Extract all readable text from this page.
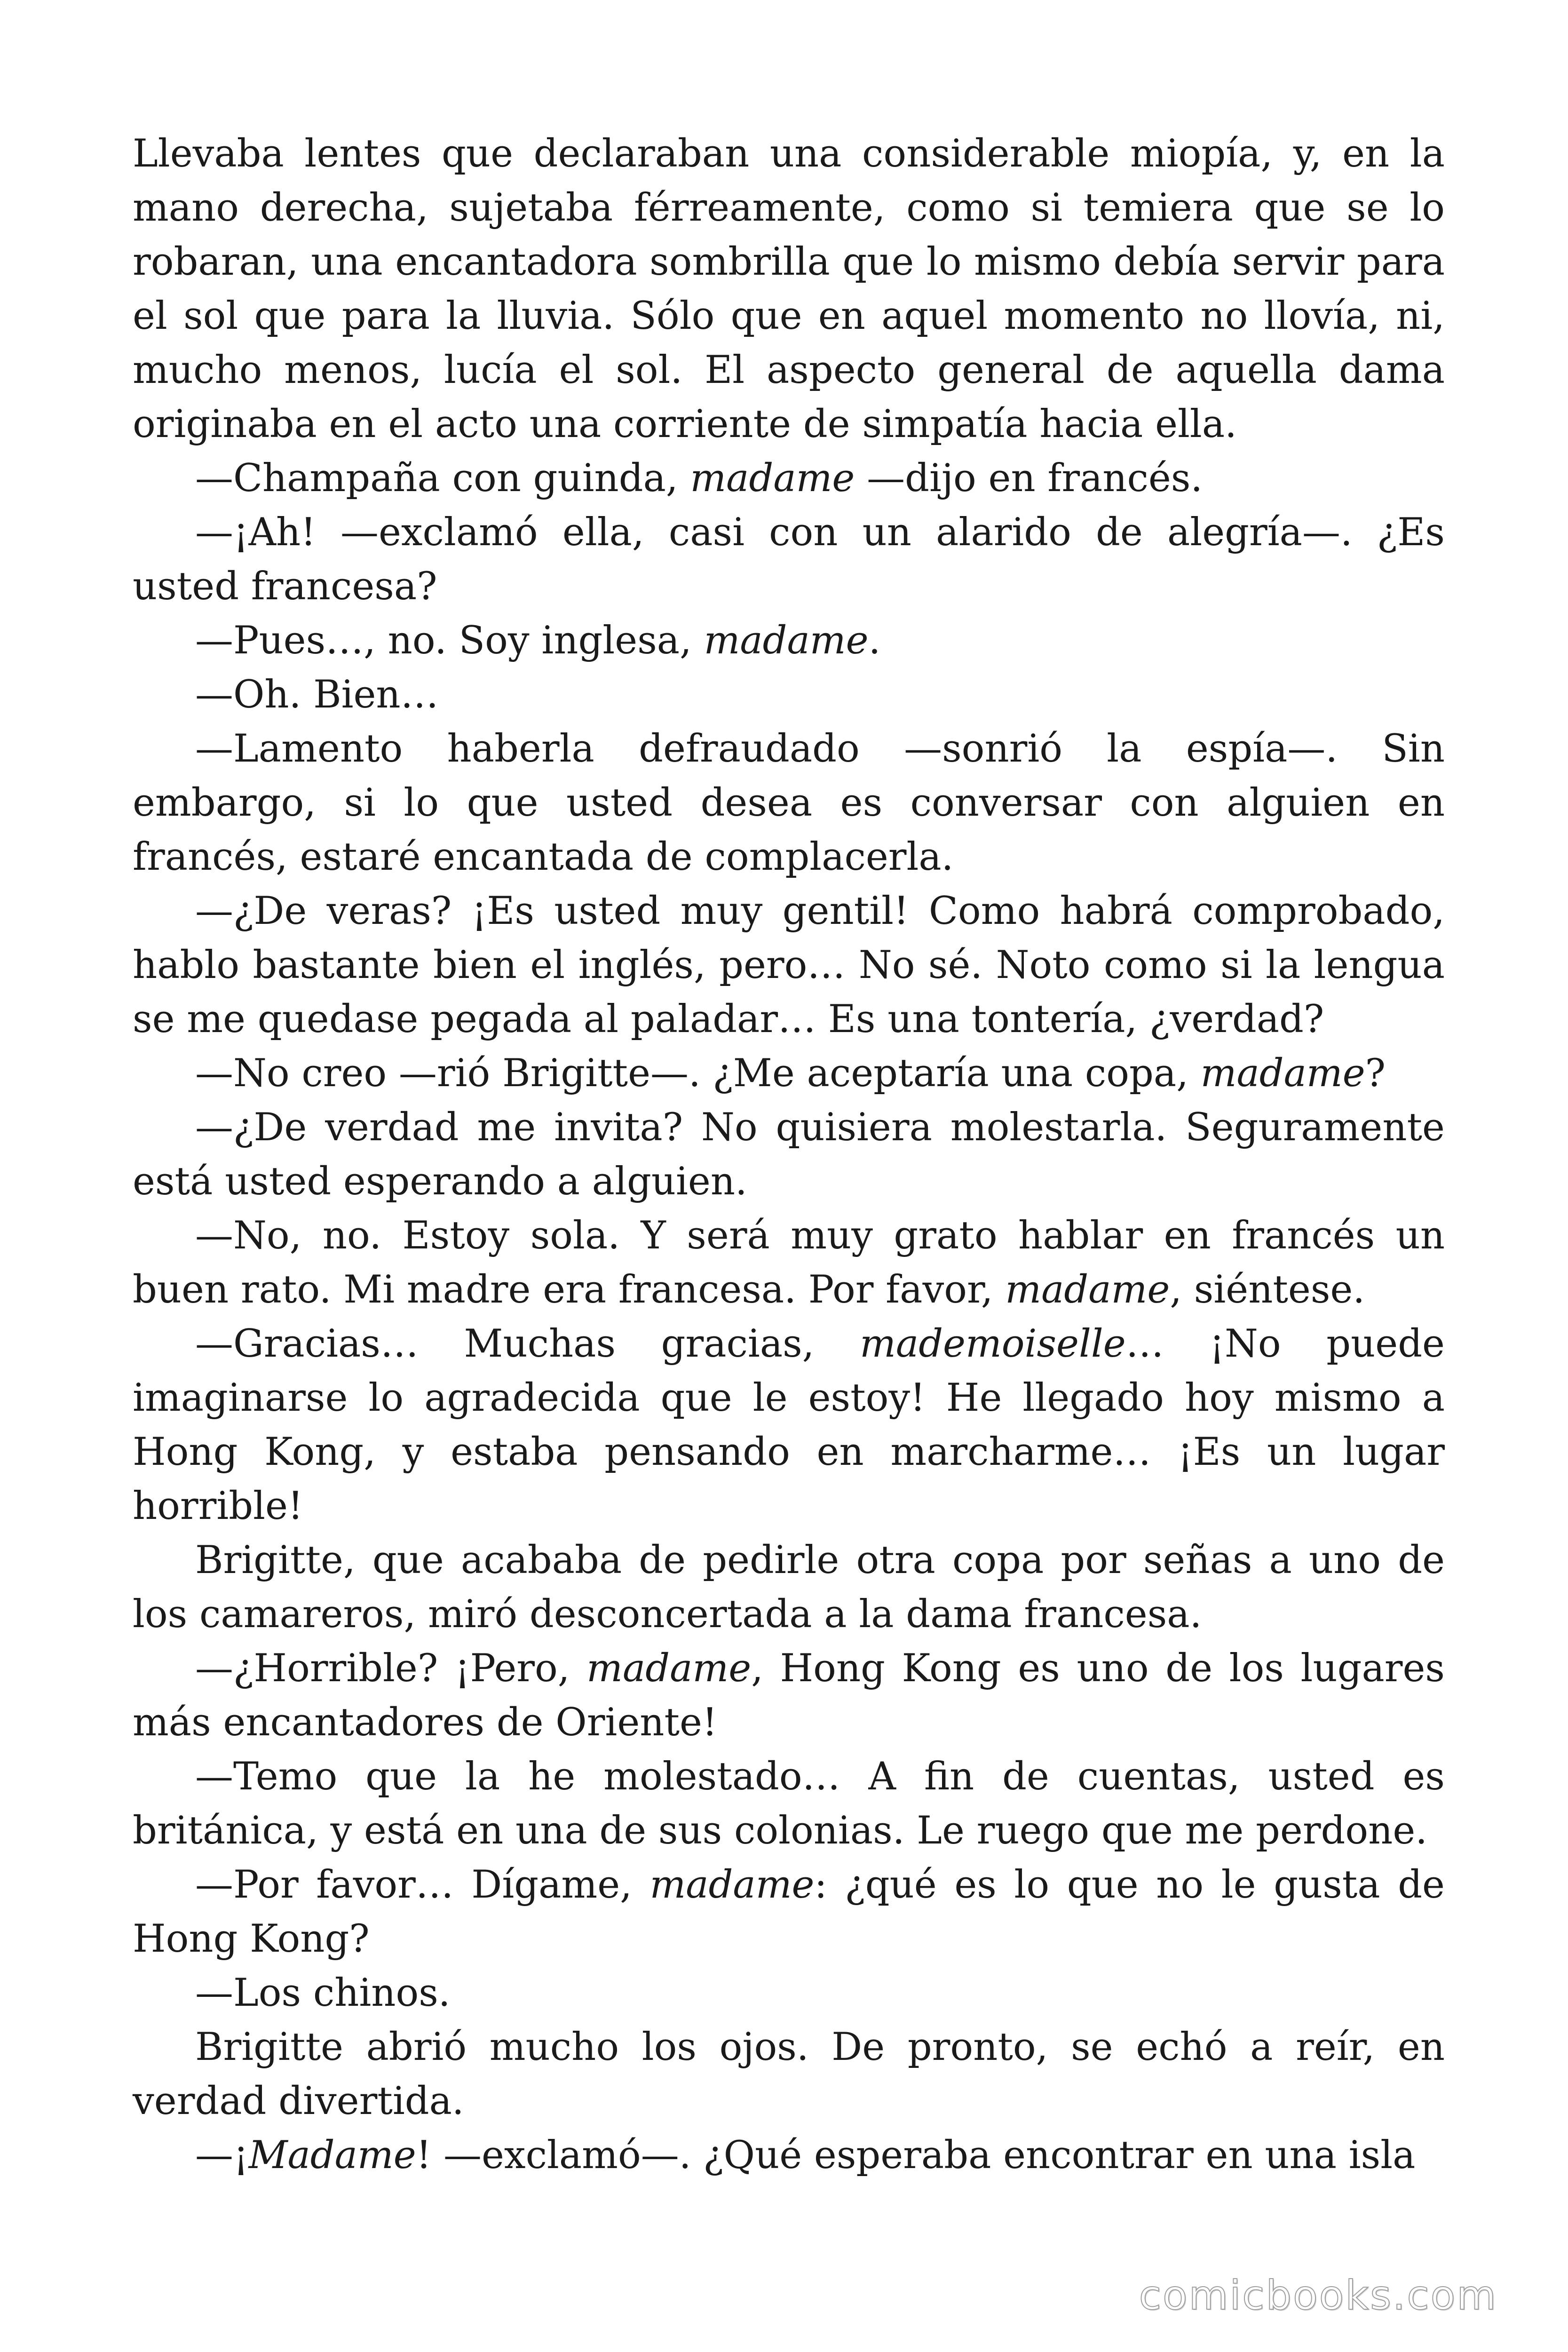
Llevaba lentes que declaraban una considerable miopía, y, en la mano derecha, sujetaba férreamente, como si temiera que se lo robaran, una encantadora sombrilla que lo mismo debía servir para el sol que para la lluvia. Sólo que en aquel momento no llovía, ni, mucho menos, lucía el sol. El aspecto general de aquella dama originaba en el acto una corriente de simpatía hacia ella.

—Champaña con guinda, madame —dijo en francés.

—¡Ah! —exclamó ella, casi con un alarido de alegría—. ¿Es usted francesa?

—Pues…, no. Soy inglesa, madame.

—Oh. Bien…

—Lamento haberla defraudado —sonrió la espía—. Sin embargo, si lo que usted desea es conversar con alguien en francés, estaré encantada de complacerla.

—¿De veras? ¡Es usted muy gentil! Como habrá comprobado, hablo bastante bien el inglés, pero… No sé. Noto como si la lengua se me quedase pegada al paladar… Es una tontería, ¿verdad?

—No creo —rió Brigitte—. ¿Me aceptaría una copa, madame?

—¿De verdad me invita? No quisiera molestarla. Seguramente está usted esperando a alguien.

—No, no. Estoy sola. Y será muy grato hablar en francés un buen rato. Mi madre era francesa. Por favor, madame, siéntese.

—Gracias… Muchas gracias, mademoiselle… ¡No puede imaginarse lo agradecida que le estoy! He llegado hoy mismo a Hong Kong, y estaba pensando en marcharme… ¡Es un lugar horrible!

Brigitte, que acababa de pedirle otra copa por señas a uno de los camareros, miró desconcertada a la dama francesa.

—¿Horrible? ¡Pero, madame, Hong Kong es uno de los lugares más encantadores de Oriente!

—Temo que la he molestado… A fin de cuentas, usted es británica, y está en una de sus colonias. Le ruego que me perdone.

—Por favor… Dígame, madame: ¿qué es lo que no le gusta de Hong Kong?

—Los chinos.

Brigitte abrió mucho los ojos. De pronto, se echó a reír, en verdad divertida.

—¡Madame! —exclamó—. ¿Qué esperaba encontrar en una isla

comicbooks.com
